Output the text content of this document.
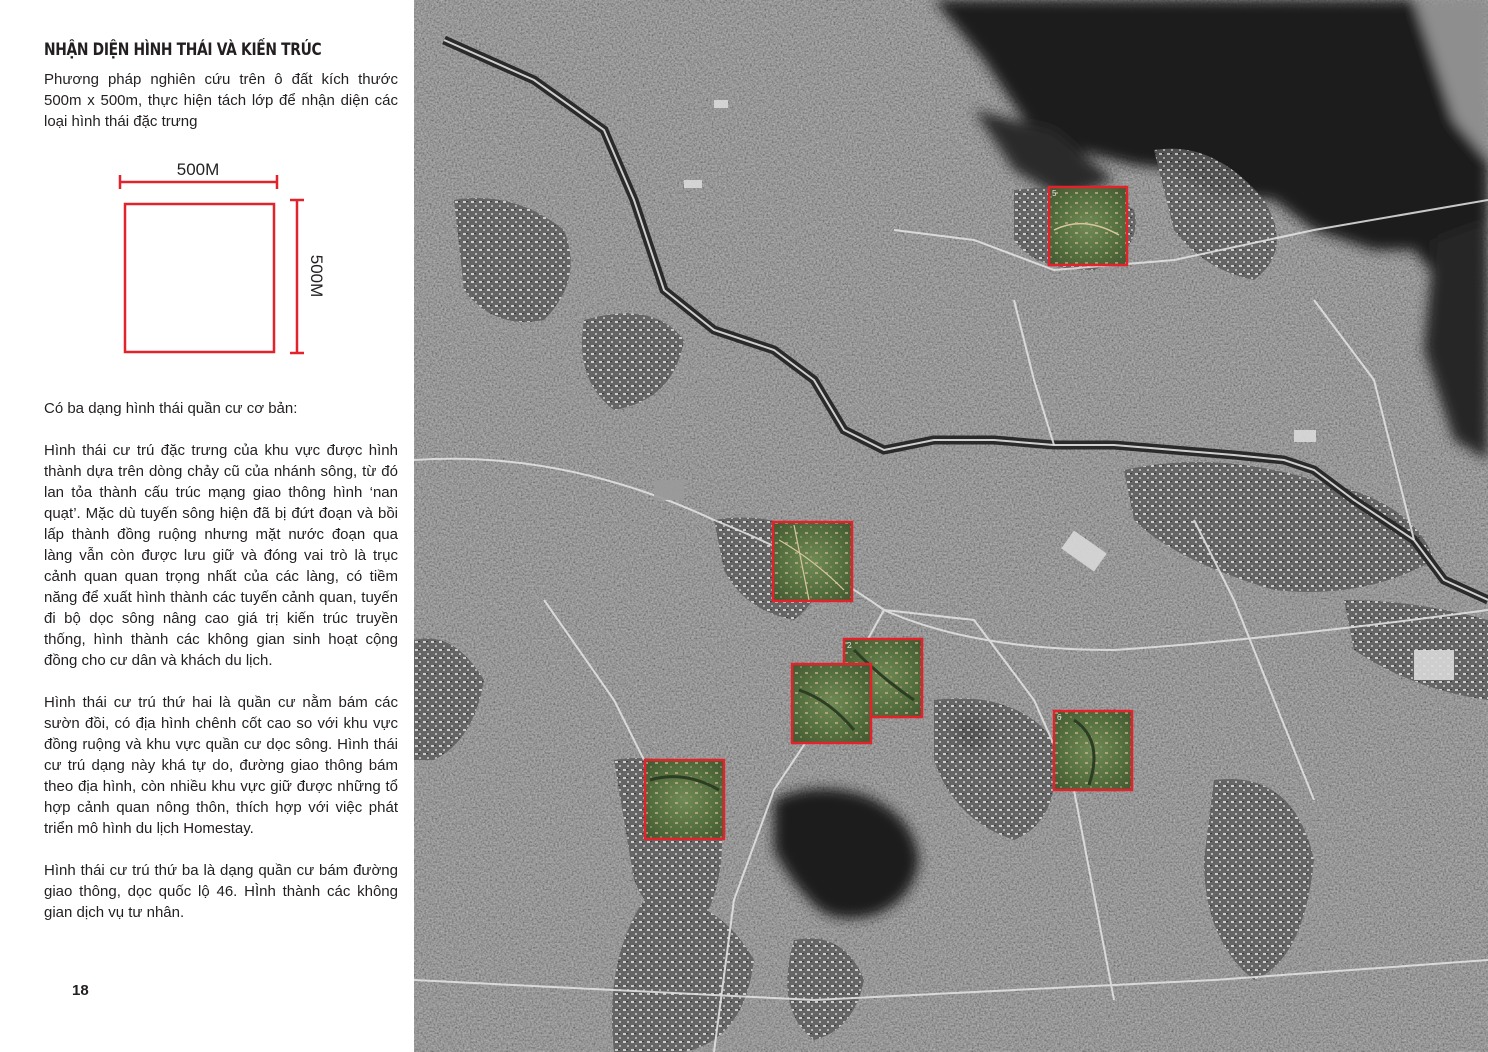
NHẬN DIỆN HÌNH THÁI VÀ KIẾN TRÚC

Phương pháp nghiên cứu trên ô đất kích thước 500m x 500m, thực hiện tách lớp để nhận diện các loại hình thái đặc trưng

500M
500M

Có ba dạng hình thái quần cư cơ bản:

Hình thái cư trú đặc trưng của khu vực được hình thành dựa trên dòng chảy cũ của nhánh sông, từ đó lan tỏa thành cấu trúc mạng giao thông hình ‘nan quạt’. Mặc dù tuyến sông hiện đã bị đứt đoạn và bồi lấp thành đồng ruộng nhưng mặt nước đoạn qua làng vẫn còn được lưu giữ và đóng vai trò là trục cảnh quan quan trọng nhất của các làng, có tiềm năng để xuất hình thành các tuyến cảnh quan, tuyến đi bộ dọc sông nâng cao giá trị kiến trúc truyền thống, hình thành các không gian sinh hoạt cộng đồng cho cư dân và khách du lịch.

Hình thái cư trú thứ hai là quần cư nằm bám các sườn đồi, có địa hình chênh cốt cao so với khu vực đồng ruộng và khu vực quần cư dọc sông. Hình thái cư trú dạng này khá tự do, đường giao thông bám theo địa hình, còn nhiều khu vực giữ được những tổ hợp cảnh quan nông thôn, thích hợp với việc phát triển mô hình du lịch Homestay.

Hình thái cư trú thứ ba là dạng quần cư bám đường giao thông, dọc quốc lộ 46. HÌnh thành các không gian dịch vụ tư nhân.

18
5
2
6
